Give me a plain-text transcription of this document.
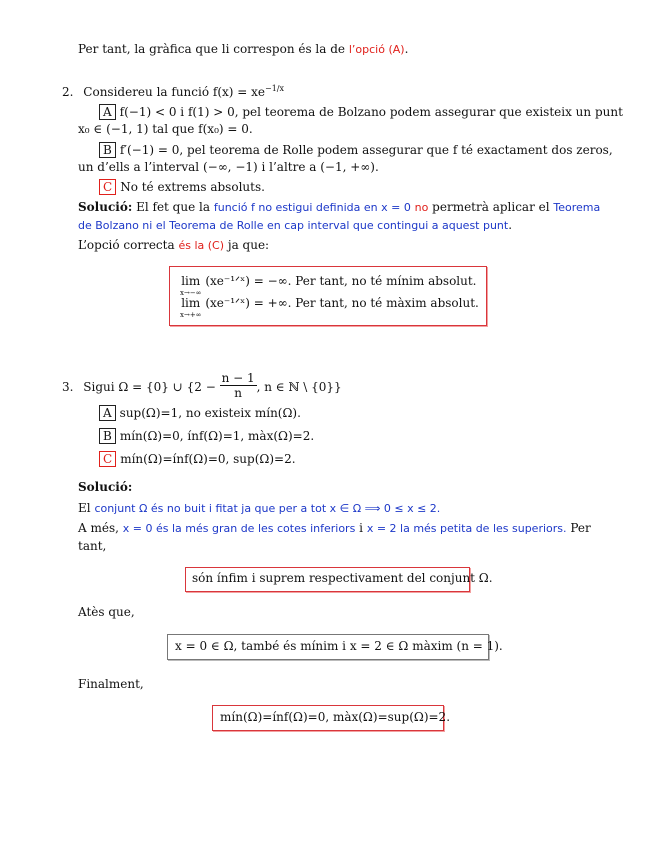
Per tant, la gràfica que li correspon és la de l’opció (A).
2. Considereu la funció $f(x) = xe^{-1/x}$
A f(−1) < 0 i f(1) > 0, pel teorema de Bolzano podem assegurar que existeix un punt
x₀ ∈ (−1, 1) tal que f(x₀) = 0.
B f′(−1) = 0, pel teorema de Rolle podem assegurar que f té exactament dos zeros,
un d’ells a l’interval (−∞, −1) i l’altre a (−1, +∞).
C No té extrems absoluts.
Solució: El fet que la funció f no estigui definida en x = 0 no permetrà aplicar el Teorema
de Bolzano ni el Teorema de Rolle en cap interval que contingui a aquest punt.
L’opció correcta és la (C) ja que:
lim
$^{x\to-\infty}$ (xe⁻¹ᐟˣ) = −∞. Per tant, no té mínim absolut.
lim
$^{x\to+\infty}$ (xe⁻¹ᐟˣ) = +∞. Per tant, no té màxim absolut.
3. Sigui Ω = {0} ∪ {$2 - \frac{n - 1}{n}$ , n ∈ ℕ \ {0}}
A sup(Ω)=1, no existeix mín(Ω).
B mín(Ω)=0, ínf(Ω)=1, màx(Ω)=2.
C mín(Ω)=ínf(Ω)=0, sup(Ω)=2.
Solució:
El conjunt Ω és no buit i fitat ja que per a tot x ∈ Ω ⟹ 0 ≤ x ≤ 2.
A més, x = 0 és la més gran de les cotes inferiors i x = 2 la més petita de les superiors. Per
tant,
són ínfim i suprem respectivament del conjunt Ω.
Atès que,
x = 0 ∈ Ω, també és mínim i x = 2 ∈ Ω màxim (n = 1).
Finalment,
mín(Ω)=ínf(Ω)=0, màx(Ω)=sup(Ω)=2.
